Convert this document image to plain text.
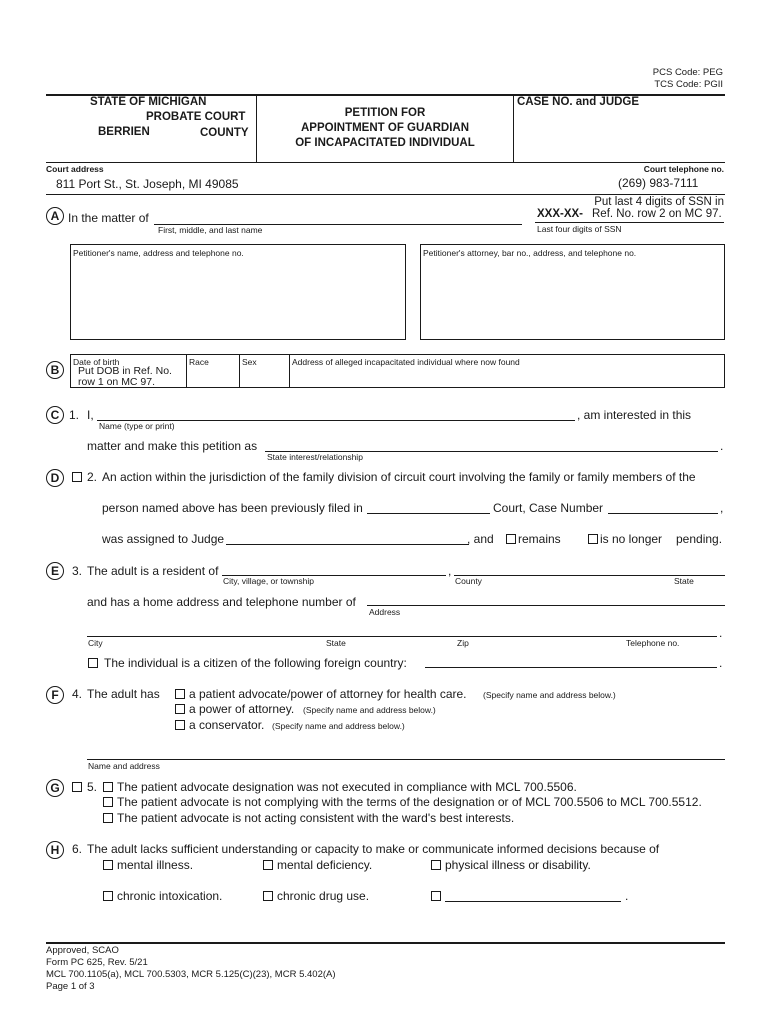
PCS Code: PEG
TCS Code: PGII
STATE OF MICHIGAN
PROBATE COURT
BERRIEN	COUNTY
PETITION FOR
APPOINTMENT OF GUARDIAN
OF INCAPACITATED INDIVIDUAL
CASE NO. and JUDGE
Court address	Court telephone no.
811 Port St., St. Joseph, MI 49085	(269) 983-7111
A In the matter of
First, middle, and last name
Put last 4 digits of SSN in
XXX-XX- Ref. No. row 2 on MC 97.
Last four digits of SSN
Petitioner's name, address and telephone no.	Petitioner's attorney, bar no., address, and telephone no.
B
Date of birth
Put DOB in Ref. No.
row 1 on MC 97.
Race	Sex	Address of alleged incapacitated individual where now found
C 1. I,	, am interested in this
Name (type or print)
matter and make this petition as	.
State interest/relationship
D	2. An action within the jurisdiction of the family division of circuit court involving the family or family members of the
person named above has been previously filed in	Court, Case Number	,
was assigned to Judge	, and remains	is no longer pending.
E	3. The adult is a resident of	,
City, village, or township	County	State
and has a home address and telephone number of
Address
.
City	State	Zip	Telephone no.
The individual is a citizen of the following foreign country:	.
F	4. The adult has a patient advocate/power of attorney for health care. (Specify name and address below.)
a power of attorney. (Specify name and address below.)
a conservator. (Specify name and address below.)
Name and address
G	5. The patient advocate designation was not executed in compliance with MCL 700.5506.
The patient advocate is not complying with the terms of the designation or of MCL 700.5506 to MCL 700.5512.
The patient advocate is not acting consistent with the ward's best interests.
H	6. The adult lacks sufficient understanding or capacity to make or communicate informed decisions because of
mental illness.	mental deficiency.	physical illness or disability.
chronic intoxication.	chronic drug use.	.
Approved, SCAO
Form PC 625, Rev. 5/21
MCL 700.1105(a), MCL 700.5303, MCR 5.125(C)(23), MCR 5.402(A)
Page 1 of 3
